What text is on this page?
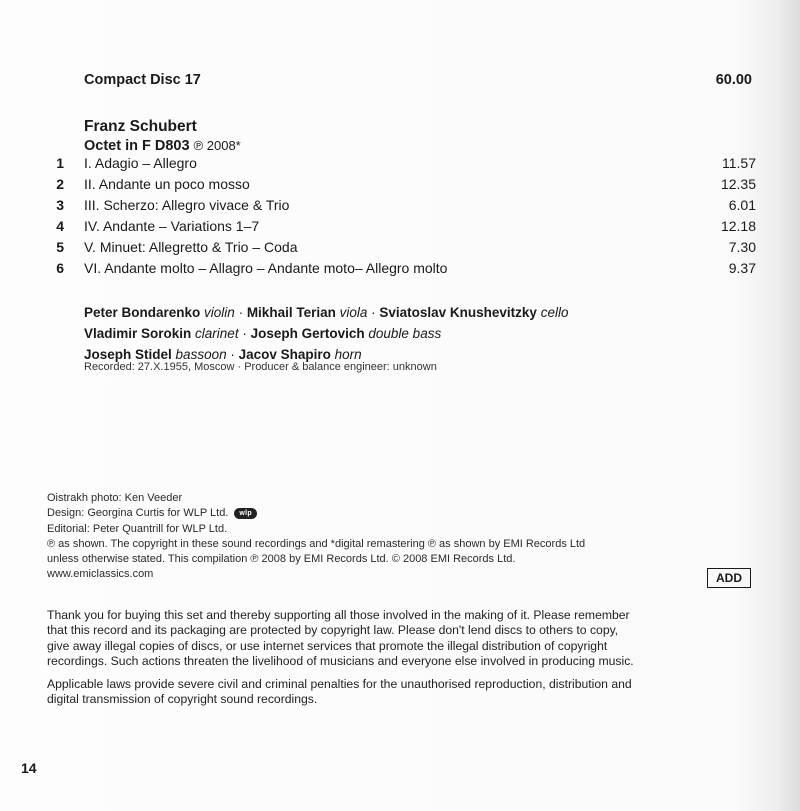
Compact Disc 17	60.00
Franz Schubert
Octet in F D803 ℗ 2008*
1 I. Adagio – Allegro	11.57
2 II. Andante un poco mosso	12.35
3 III. Scherzo: Allegro vivace & Trio	6.01
4 IV. Andante – Variations 1–7	12.18
5 V. Minuet: Allegretto & Trio – Coda	7.30
6 VI. Andante molto – Allagro – Andante moto– Allegro molto	9.37
Peter Bondarenko violin · Mikhail Terian viola · Sviatoslav Knushevitzky cello
Vladimir Sorokin clarinet · Joseph Gertovich double bass
Joseph Stidel bassoon · Jacov Shapiro horn
Recorded: 27.X.1955, Moscow · Producer & balance engineer: unknown
Oistrakh photo: Ken Veeder
Design: Georgina Curtis for WLP Ltd. wlp
Editorial: Peter Quantrill for WLP Ltd.
℗ as shown. The copyright in these sound recordings and *digital remastering ℗ as shown by EMI Records Ltd
unless otherwise stated. This compilation ℗ 2008 by EMI Records Ltd. © 2008 EMI Records Ltd.
www.emiclassics.com	ADD

Thank you for buying this set and thereby supporting all those involved in the making of it. Please remember
that this record and its packaging are protected by copyright law. Please don't lend discs to others to copy,
give away illegal copies of discs, or use internet services that promote the illegal distribution of copyright
recordings. Such actions threaten the livelihood of musicians and everyone else involved in producing music.

Applicable laws provide severe civil and criminal penalties for the unauthorised reproduction, distribution and
digital transmission of copyright sound recordings.

14
